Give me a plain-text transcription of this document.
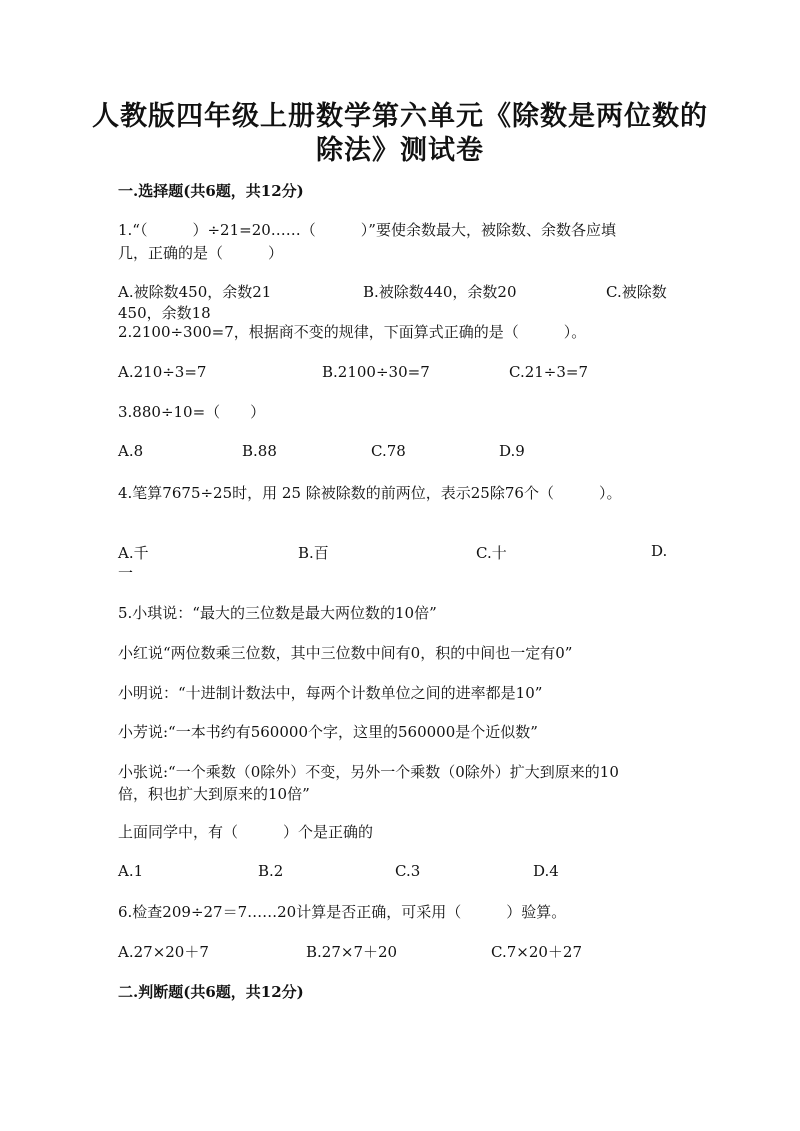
人教版四年级上册数学第六单元《除数是两位数的
除法》测试卷
一.选择题(共6题，共12分)
1.“（　　　）÷21=20……（　　　）”要使余数最大，被除数、余数各应填
几，正确的是（　　　）
A.被除数450，余数21	B.被除数440，余数20	C.被除数
450，余数18
2.2100÷300=7，根据商不变的规律，下面算式正确的是（　　　）。
A.210÷3=7	B.2100÷30=7	C.21÷3=7
3.880÷10=（　　）
A.8	B.88	C.78	D.9
4.笔算7675÷25时，用 25 除被除数的前两位，表示25除76个（　　　）。
A.千	B.百	C.十	D.
一
5.小琪说：“最大的三位数是最大两位数的10倍”
小红说“两位数乘三位数，其中三位数中间有0，积的中间也一定有0”
小明说：“十进制计数法中，每两个计数单位之间的进率都是10”
小芳说:“一本书约有560000个字，这里的560000是个近似数”
小张说:“一个乘数（0除外）不变，另外一个乘数（0除外）扩大到原来的10
倍，积也扩大到原来的10倍”
上面同学中，有（　　　）个是正确的
A.1	B.2	C.3	D.4
6.检查209÷27＝7……20计算是否正确，可采用（　　　）验算。
A.27×20＋7	B.27×7＋20	C.7×20＋27
二.判断题(共6题，共12分)
